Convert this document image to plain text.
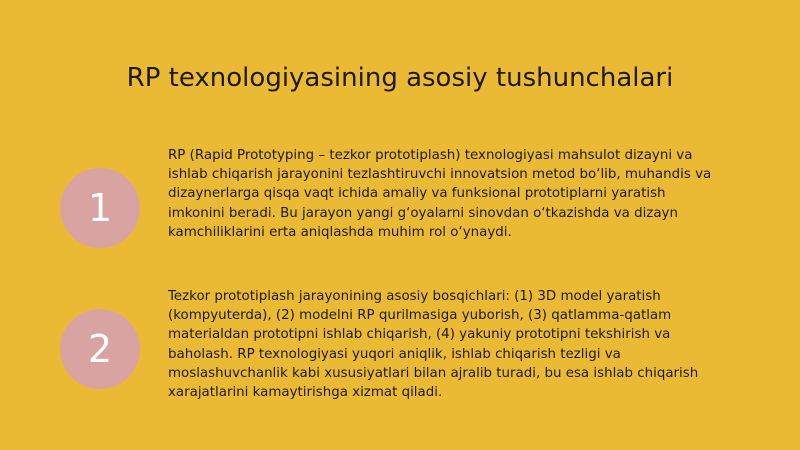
RP texnologiyasining asosiy tushunchalari
1

RP (Rapid Prototyping – tezkor prototiplash) texnologiyasi mahsulot dizayni va ishlab chiqarish jarayonini tezlashtiruvchi innovatsion metod bo‘lib, muhandis va dizaynerlarga qisqa vaqt ichida amaliy va funksional prototiplarni yaratish imkonini beradi. Bu jarayon yangi g‘oyalarni sinovdan o‘tkazishda va dizayn kamchiliklarini erta aniqlashda muhim rol o‘ynaydi.

2

Tezkor prototiplash jarayonining asosiy bosqichlari: (1) 3D model yaratish (kompyuterda), (2) modelni RP qurilmasiga yuborish, (3) qatlamma-qatlam materialdan prototipni ishlab chiqarish, (4) yakuniy prototipni tekshirish va baholash. RP texnologiyasi yuqori aniqlik, ishlab chiqarish tezligi va moslashuvchanlik kabi xususiyatlari bilan ajralib turadi, bu esa ishlab chiqarish xarajatlarini kamaytirishga xizmat qiladi.
